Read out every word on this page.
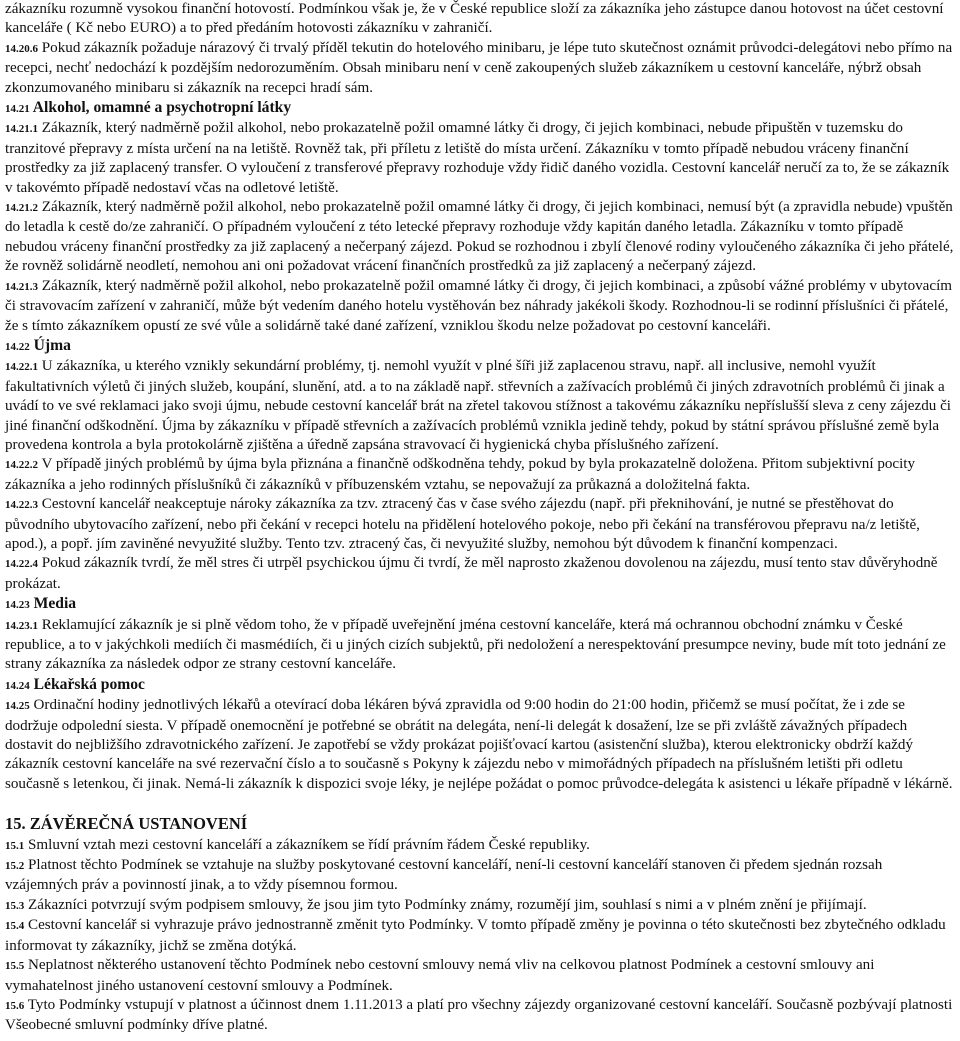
zákazníku rozumně vysokou finanční hotovostí. Podmínkou však je, že v České republice složí za zákazníka jeho zástupce danou hotovost na účet cestovní kanceláře ( Kč nebo EURO) a to před předáním hotovosti zákazníku v zahraničí.
14.20.6 Pokud zákazník požaduje nárazový či trvalý příděl tekutin do hotelového minibaru, je lépe tuto skutečnost oznámit průvodci-delegátovi nebo přímo na recepci, nechť nedochází k pozdějším nedorozuměním. Obsah minibaru není v ceně zakoupených služeb zákazníkem u cestovní kanceláře, nýbrž obsah zkonzumovaného minibaru si zákazník na recepci hradí sám.
14.21 Alkohol, omamné a psychotropní látky
14.21.1 Zákazník, který nadměrně požil alkohol, nebo prokazatelně požil omamné látky či drogy, či jejich kombinaci, nebude připuštěn v tuzemsku do tranzitové přepravy z místa určení na na letiště. Rovněž tak, při příletu z letiště do místa určení. Zákazníku v tomto případě nebudou vráceny finanční prostředky za již zaplacený transfer. O vyloučení z transferové přepravy rozhoduje vždy řidič daného vozidla. Cestovní kancelář neručí za to, že se zákazník v takovémto případě nedostaví včas na odletové letiště.
14.21.2 Zákazník, který nadměrně požil alkohol, nebo prokazatelně požil omamné látky či drogy, či jejich kombinaci, nemusí být (a zpravidla nebude) vpuštěn do letadla k cestě do/ze zahraničí. O případném vyloučení z této letecké přepravy rozhoduje vždy kapitán daného letadla. Zákazníku v tomto případě nebudou vráceny finanční prostředky za již zaplacený a nečerpaný zájezd. Pokud se rozhodnou i zbylí členové rodiny vyloučeného zákazníka či jeho přátelé, že rovněž solidárně neodletí, nemohou ani oni požadovat vrácení finančních prostředků za již zaplacený a nečerpaný zájezd.
14.21.3 Zákazník, který nadměrně požil alkohol, nebo prokazatelně požil omamné látky či drogy, či jejich kombinaci, a způsobí vážné problémy v ubytovacím či stravovacím zařízení v zahraničí, může být vedením daného hotelu vystěhován bez náhrady jakékoli škody. Rozhodnou-li se rodinní příslušníci či přátelé, že s tímto zákazníkem opustí ze své vůle a solidárně také dané zařízení, vzniklou škodu nelze požadovat po cestovní kanceláři.
14.22 Újma
14.22.1 U zákazníka, u kterého vznikly sekundární problémy, tj. nemohl využít v plné šíři již zaplacenou stravu, např. all inclusive, nemohl využít fakultativních výletů či jiných služeb, koupání, slunění, atd. a to na základě např. střevních a zažívacích problémů či jiných zdravotních problémů či jinak a uvádí to ve své reklamaci jako svoji újmu, nebude cestovní kancelář brát na zřetel takovou stížnost a takovému zákazníku nepříslušší sleva z ceny zájezdu či jiné finanční odškodnění. Újma by zákazníku v případě střevních a zažívacích problémů vznikla jedině tehdy, pokud by státní správou příslušné země byla provedena kontrola a byla protokolárně zjištěna a úředně zapsána stravovací či hygienická chyba příslušného zařízení.
14.22.2 V případě jiných problémů by újma byla přiznána a finančně odškodněna tehdy, pokud by byla prokazatelně doložena. Přitom subjektivní pocity zákazníka a jeho rodinných příslušníků či zákazníků v příbuzenském vztahu, se nepovažují za průkazná a doložitelná fakta.
14.22.3 Cestovní kancelář neakceptuje nároky zákazníka za tzv. ztracený čas v čase svého zájezdu (např. při překnihování, je nutné se přestěhovat do původního ubytovacího zařízení, nebo při čekání v recepci hotelu na přidělení hotelového pokoje, nebo při čekání na transférovou přepravu na/z letiště, apod.), a popř. jím zaviněné nevyužité služby. Tento tzv. ztracený čas, či nevyužité služby, nemohou být důvodem k finanční kompenzaci.
14.22.4 Pokud zákazník tvrdí, že měl stres či utrpěl psychickou újmu či tvrdí, že měl naprosto zkaženou dovolenou na zájezdu, musí tento stav důvěryhodně prokázat.
14.23 Media
14.23.1 Reklamující zákazník je si plně vědom toho, že v případě uveřejnění jména cestovní kanceláře, která má ochrannou obchodní známku v České republice, a to v jakýchkoli mediích či masmédiích, či u jiných cizích subjektů, při nedoložení a nerespektování presumpce neviny, bude mít toto jednání ze strany zákazníka za následek odpor ze strany cestovní kanceláře.
14.24 Lékařská pomoc
14.25 Ordinační hodiny jednotlivých lékařů a otevírací doba lékáren bývá zpravidla od 9:00 hodin do 21:00 hodin, přičemž se musí počítat, že i zde se dodržuje odpolední siesta. V případě onemocnění je potřebné se obrátit na delegáta, není-li delegát k dosažení, lze se při zvláště závažných případech dostavit do nejbližšího zdravotnického zařízení. Je zapotřebí se vždy prokázat pojišťovací kartou (asistenční služba), kterou elektronicky obdrží každý zákazník cestovní kanceláře na své rezervační číslo a to současně s Pokyny k zájezdu nebo v mimořádných případech na příslušném letišti při odletu současně s letenkou, či jinak. Nemá-li zákazník k dispozici svoje léky, je nejlépe požádat o pomoc průvodce-delegáta k asistenci u lékaře případně v lékárně.
15. ZÁVĚREČNÁ USTANOVENÍ
15.1 Smluvní vztah mezi cestovní kanceláří a zákazníkem se řídí právním řádem České republiky.
15.2 Platnost těchto Podmínek se vztahuje na služby poskytované cestovní kanceláří, není-li cestovní kanceláří stanoven či předem sjednán rozsah vzájemných práv a povinností jinak, a to vždy písemnou formou.
15.3 Zákazníci potvrzují svým podpisem smlouvy, že jsou jim tyto Podmínky známy, rozumějí jim, souhlasí s nimi a v plném znění je přijímají.
15.4 Cestovní kancelář si vyhrazuje právo jednostranně změnit tyto Podmínky. V tomto případě změny je povinna o této skutečnosti bez zbytečného odkladu informovat ty zákazníky, jichž se změna dotýká.
15.5 Neplatnost některého ustanovení těchto Podmínek nebo cestovní smlouvy nemá vliv na celkovou platnost Podmínek a cestovní smlouvy ani vymahatelnost jiného ustanovení cestovní smlouvy a Podmínek.
15.6 Tyto Podmínky vstupují v platnost a účinnost dnem 1.11.2013 a platí pro všechny zájezdy organizované cestovní kanceláří. Současně pozbývají platnosti Všeobecné smluvní podmínky dříve platné.
